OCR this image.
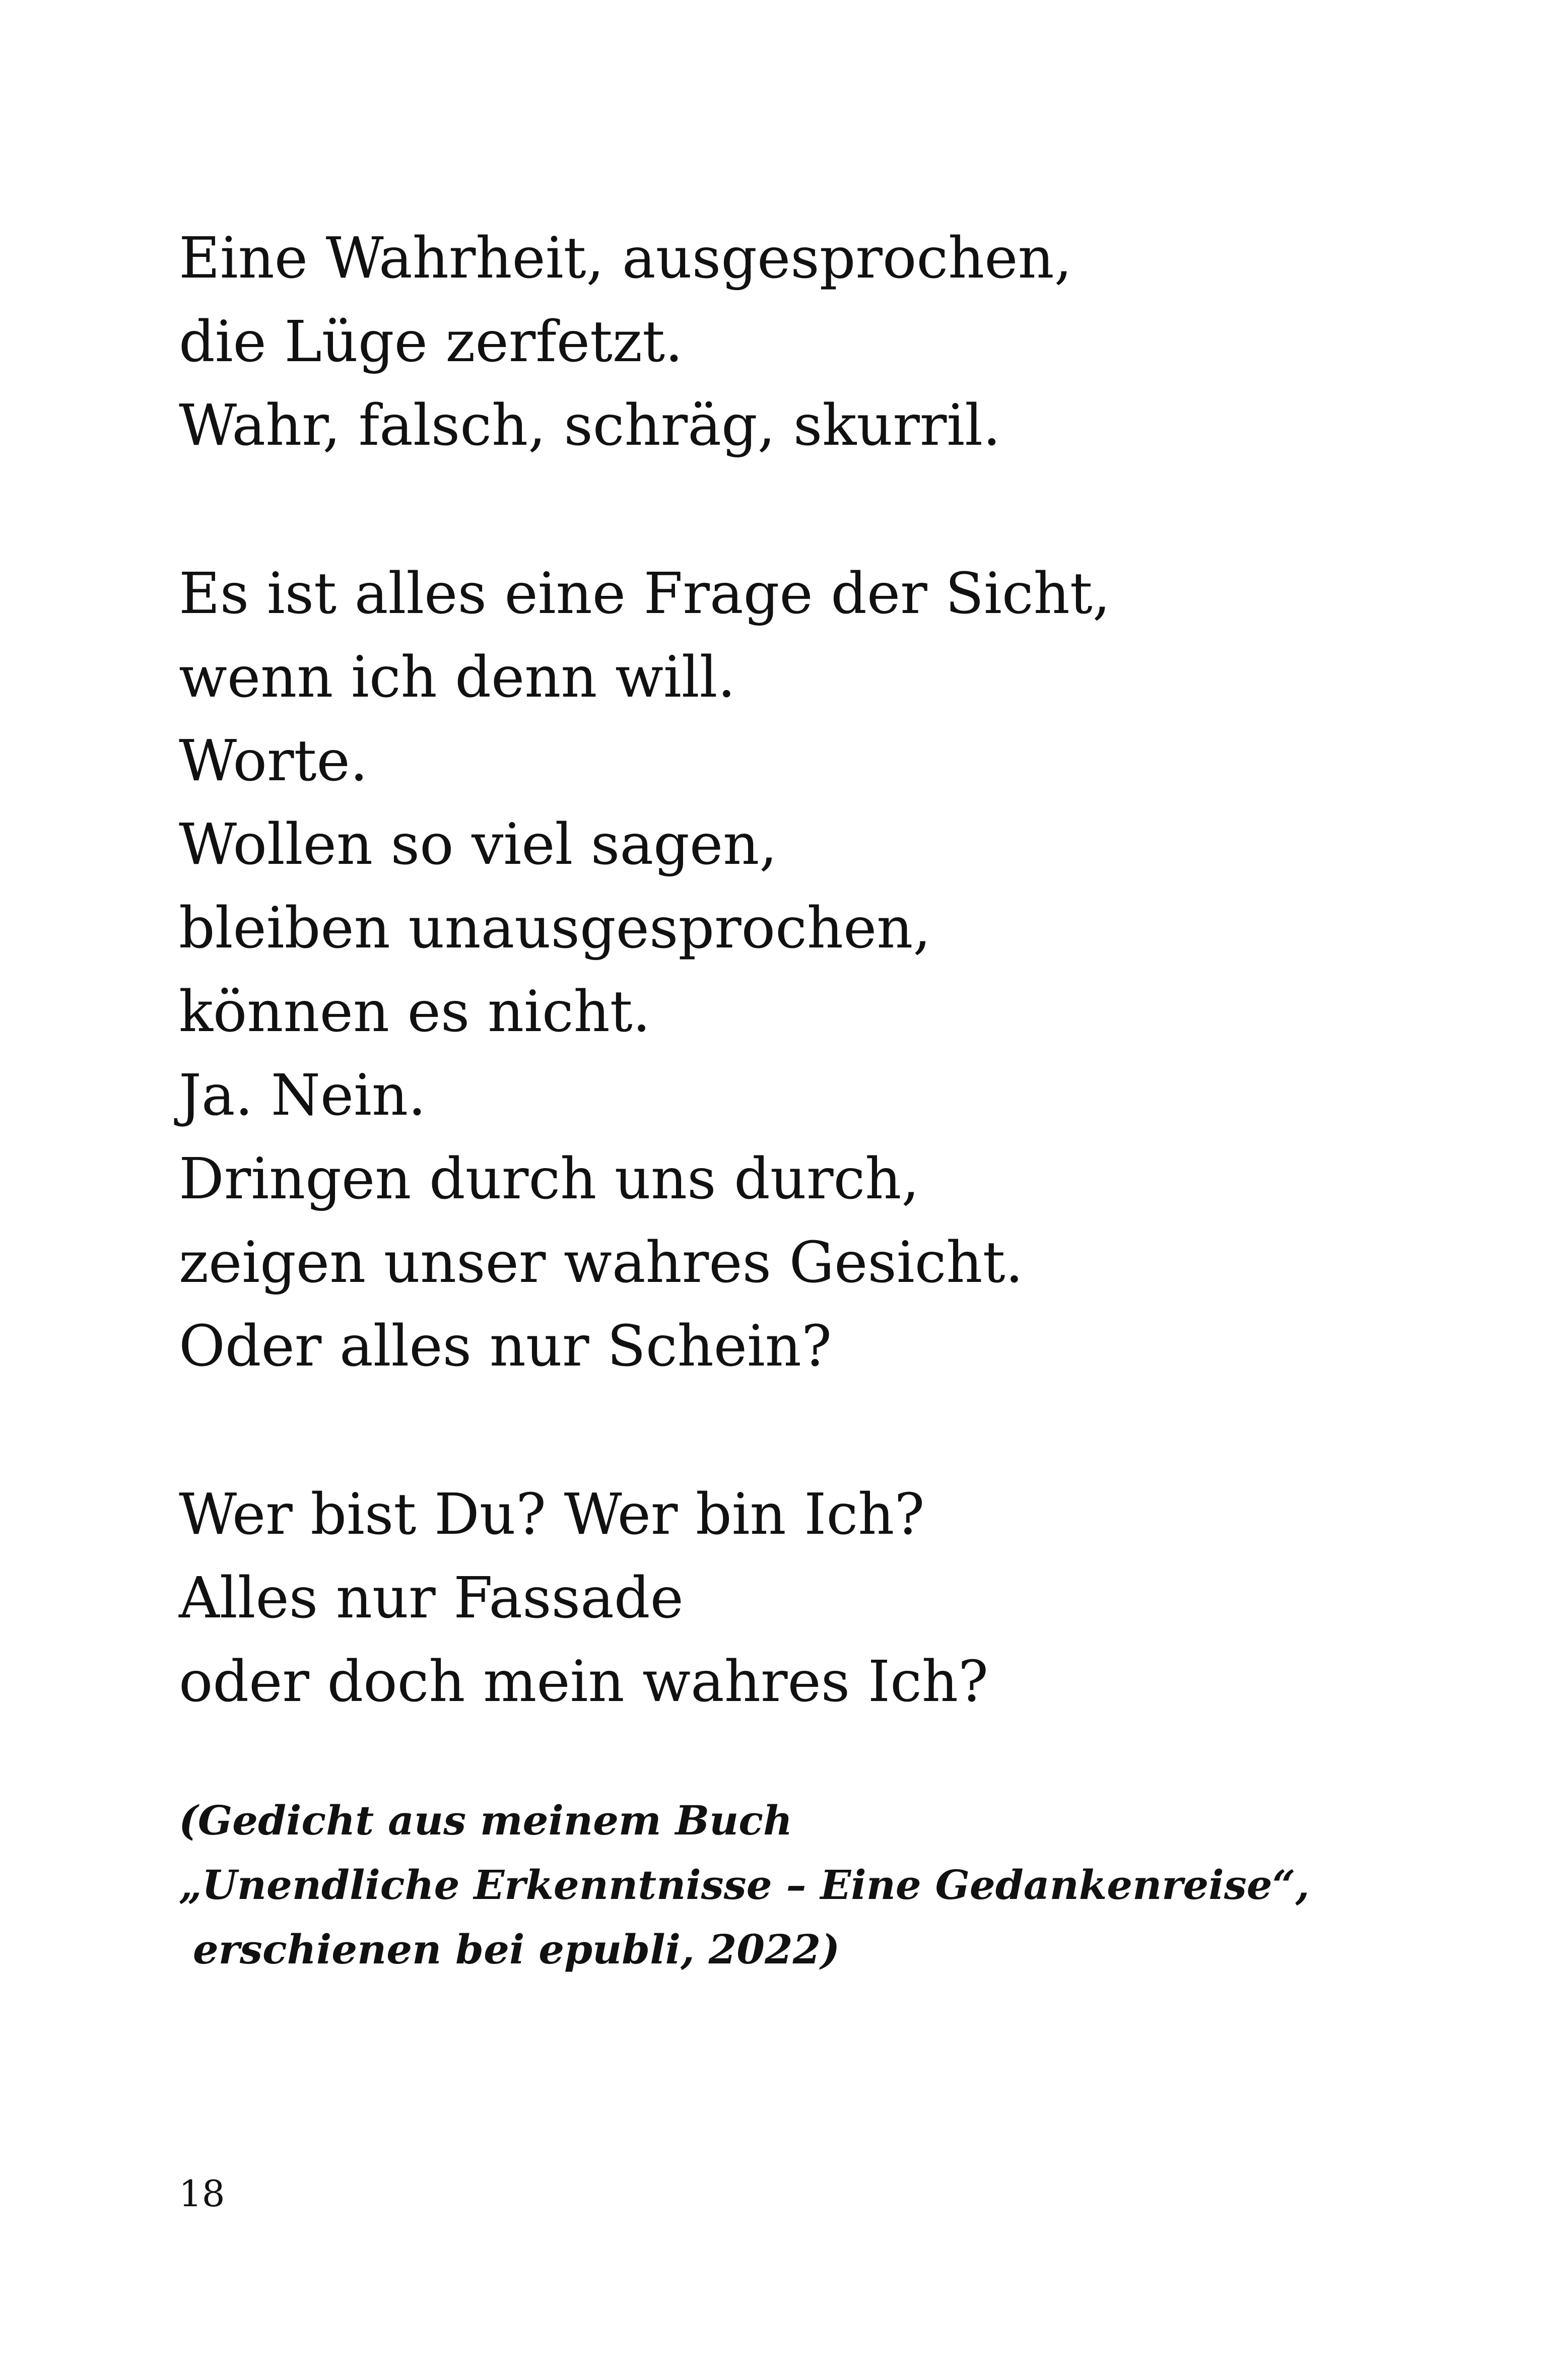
Eine Wahrheit, ausgesprochen,
die Lüge zerfetzt.
Wahr, falsch, schräg, skurril.
Es ist alles eine Frage der Sicht,
wenn ich denn will.
Worte.
Wollen so viel sagen,
bleiben unausgesprochen,
können es nicht.
Ja. Nein.
Dringen durch uns durch,
zeigen unser wahres Gesicht.
Oder alles nur Schein?
Wer bist Du? Wer bin Ich?
Alles nur Fassade
oder doch mein wahres Ich?
(Gedicht aus meinem Buch
„Unendliche Erkenntnisse – Eine Gedankenreise“,
erschienen bei epubli, 2022)
18
